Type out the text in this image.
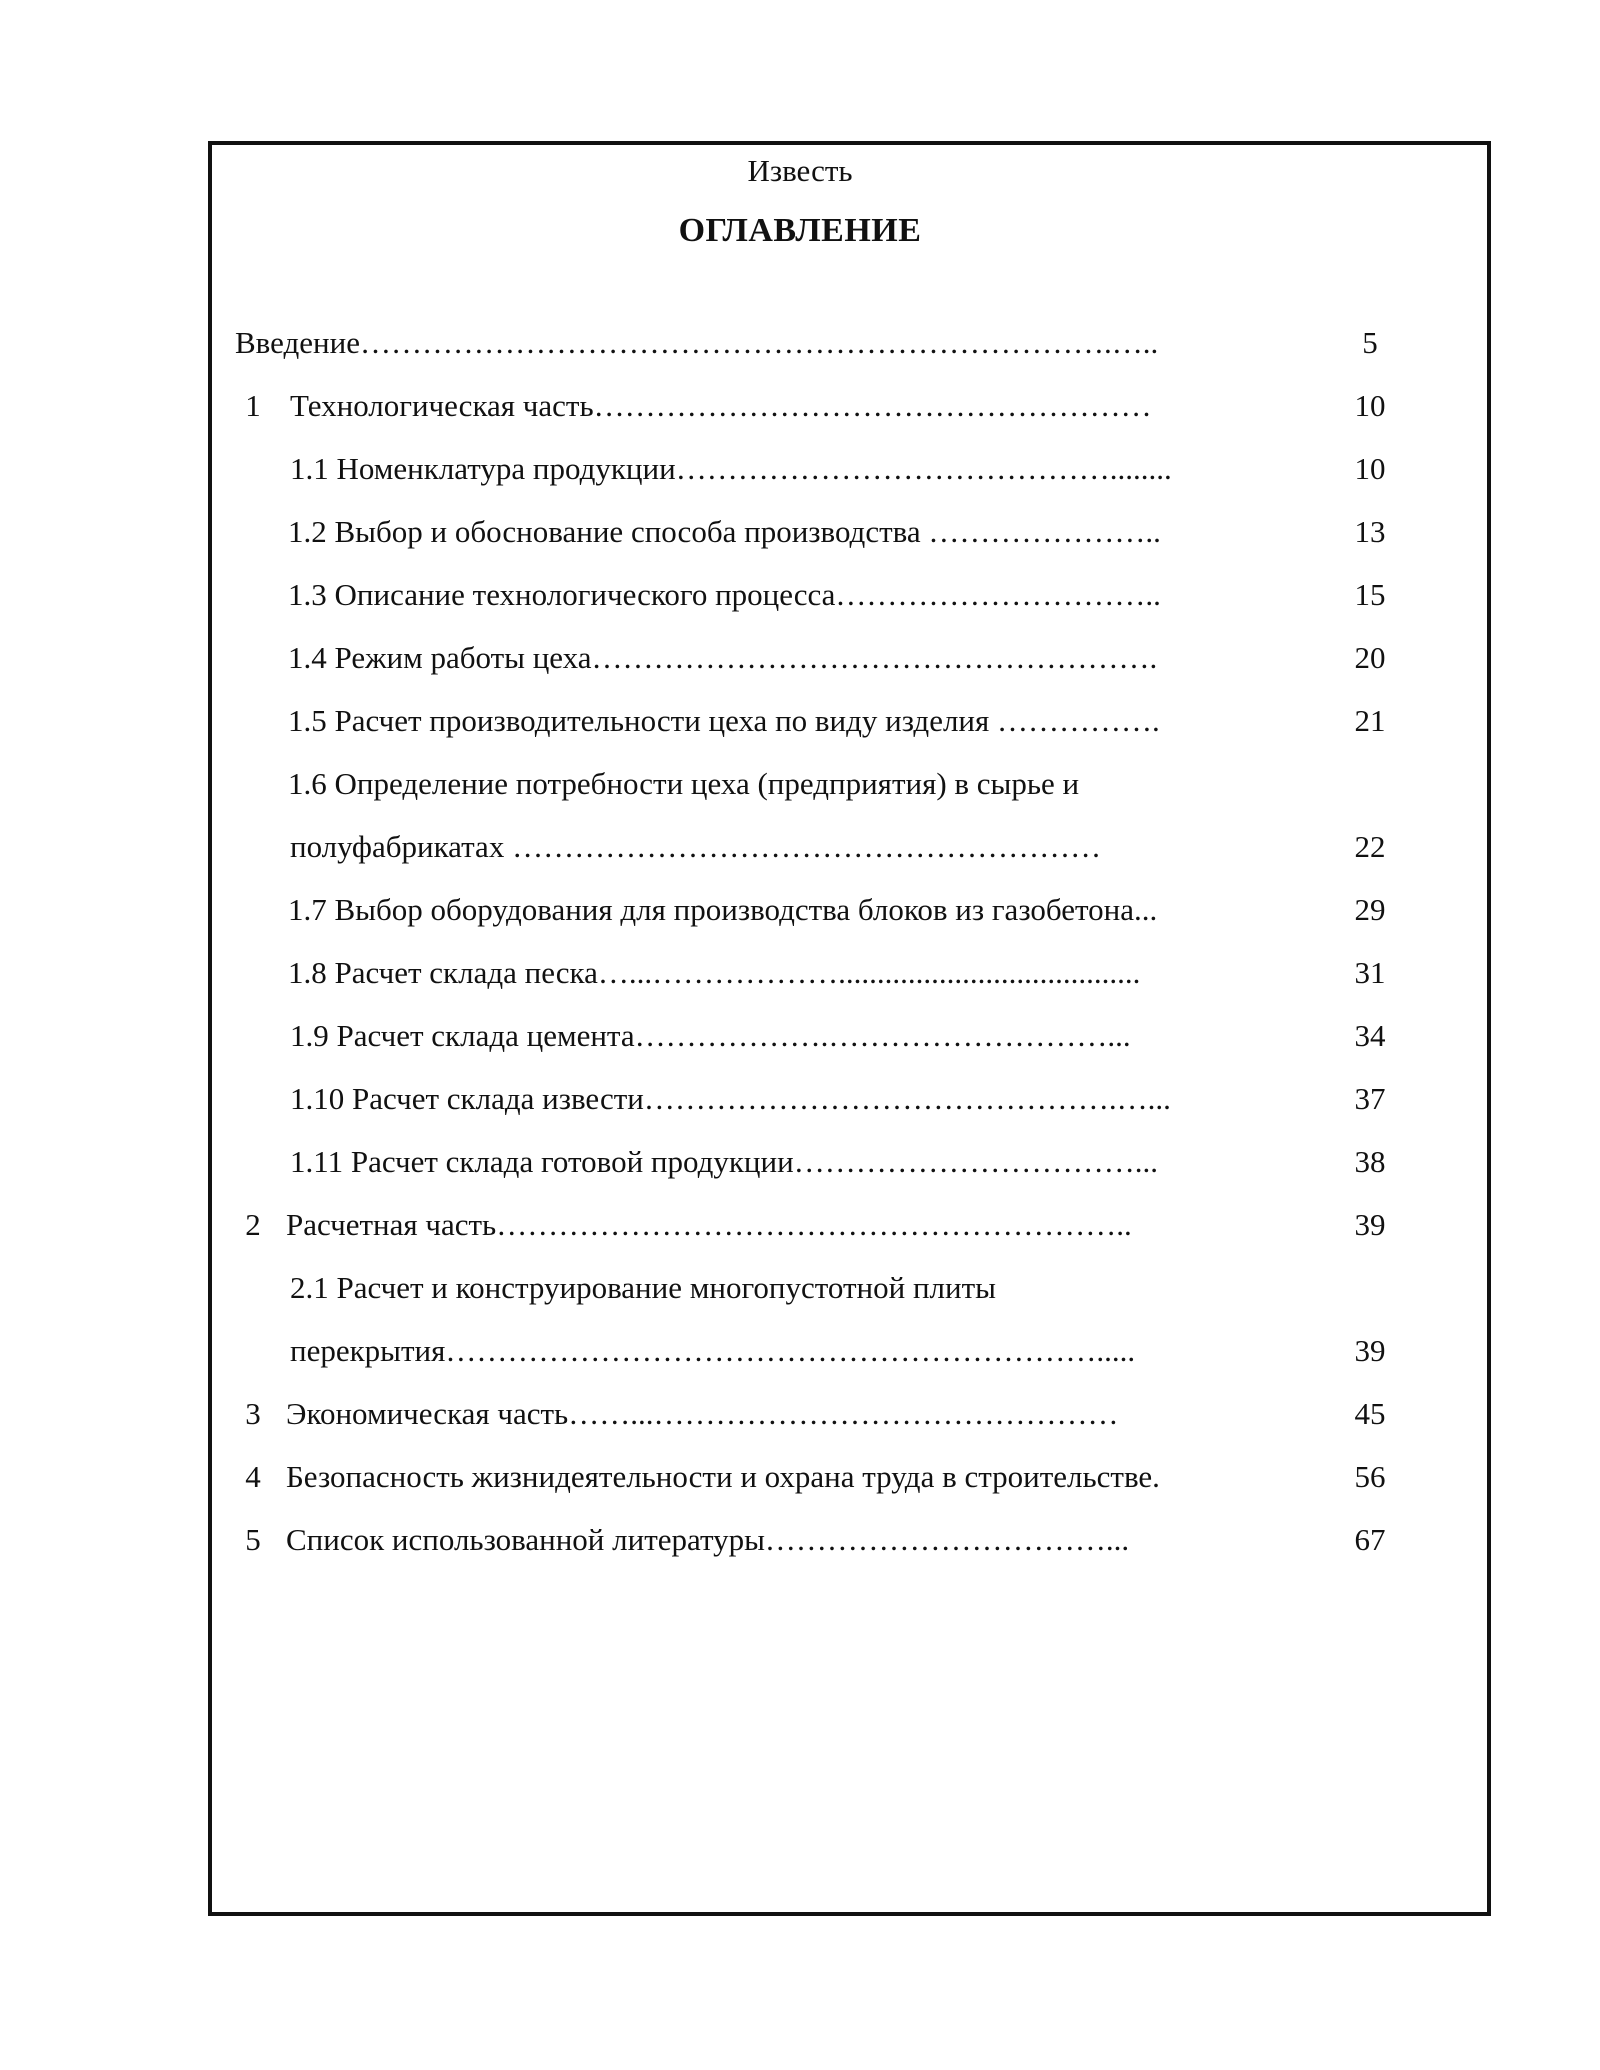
Известь
ОГЛАВЛЕНИЕ
Введение……………………………………………………………….…..	5
1 Технологическая часть………………………………………………	10
1.1 Номенклатура продукции……………………………………........	10
1.2 Выбор и обоснование способа производства …………………..	13
1.3 Описание технологического процесса…………………………..	15
1.4 Режим работы цеха……………………………………………….	20
1.5 Расчет производительности цеха по виду изделия …………….	21
1.6 Определение потребности цеха (предприятия) в сырье и
полуфабрикатах …………………………………………………	22
1.7 Выбор оборудования для производства блоков из газобетона...	29
1.8 Расчет склада песка…...……………….......................................	31
1.9 Расчет склада цемента……………….………………………...	34
1.10 Расчет склада извести……………………………………….…...	37
1.11 Расчет склада готовой продукции……………………………...	38
2 Расчетная часть……………………………………………………..	39
2.1 Расчет и конструирование многопустотной плиты
перекрытия……………………………………………………….....	39
3 Экономическая часть……...………………………………………	45
4 Безопасность жизнидеятельности и охрана труда в строительстве.	56
5 Список использованной литературы……………………………...	67
